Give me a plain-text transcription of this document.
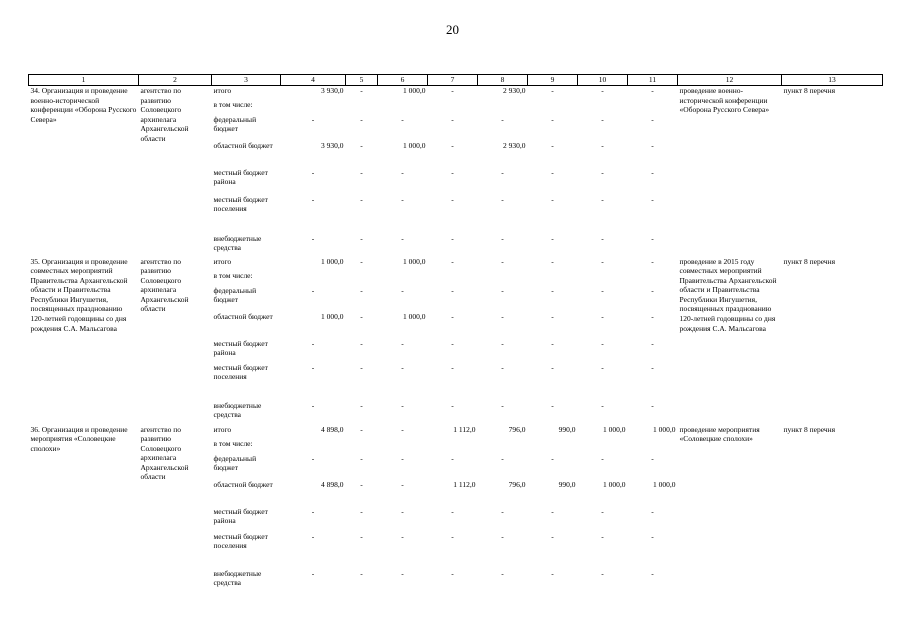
20
1	2	3	4	5	6	7	8	9	10	11	12	13
34. Организация и проведение военно-исторической конференции «Оборона Русского Севера»	агентство по развитию Соловецкого архипелага Архангельской области	итого	3 930,0	-	1 000,0	-	2 930,0	-	-	-	проведение военно-исторической конференции «Оборона Русского Севера»	пункт 8 перечня
		в том числе:										
		федеральный бюджет	-	-	-	-	-	-	-	-		
		областной бюджет	3 930,0	-	1 000,0	-	2 930,0	-	-	-		
		местный бюджет района	-	-	-	-	-	-	-	-		
		местный бюджет поселения	-	-	-	-	-	-	-	-		
		внебюджетные средства	-	-	-	-	-	-	-	-		
35. Организация и проведение совместных мероприятий Правительства Архангельской области и Правительства Республики Ингушетия, посвященных празднованию 120-летней годовщины со дня рождения С.А. Мальсагова	агентство по развитию Соловецкого архипелага Архангельской области	итого	1 000,0	-	1 000,0	-	-	-	-	-	проведение в 2015 году совместных мероприятий Правительства Архангельской области и Правительства Республики Ингушетия, посвященных празднованию 120-летней годовщины со дня рождения С.А. Мальсагова	пункт 8 перечня
		в том числе:										
		федеральный бюджет	-	-	-	-	-	-	-	-		
		областной бюджет	1 000,0	-	1 000,0	-	-	-	-	-		
		местный бюджет района	-	-	-	-	-	-	-	-		
		местный бюджет поселения	-	-	-	-	-	-	-	-		
		внебюджетные средства	-	-	-	-	-	-	-	-		
36. Организация и проведение мероприятия «Соловецкие сполохи»	агентство по развитию Соловецкого архипелага Архангельской области	итого	4 898,0	-	-	1 112,0	796,0	990,0	1 000,0	1 000,0	проведение мероприятия «Соловецкие сполохи»	пункт 8 перечня
		в том числе:										
		федеральный бюджет	-	-	-	-	-	-	-	-		
		областной бюджет	4 898,0	-	-	1 112,0	796,0	990,0	1 000,0	1 000,0		
		местный бюджет района	-	-	-	-	-	-	-	-		
		местный бюджет поселения	-	-	-	-	-	-	-	-		
		внебюджетные средства	-	-	-	-	-	-	-	-		
